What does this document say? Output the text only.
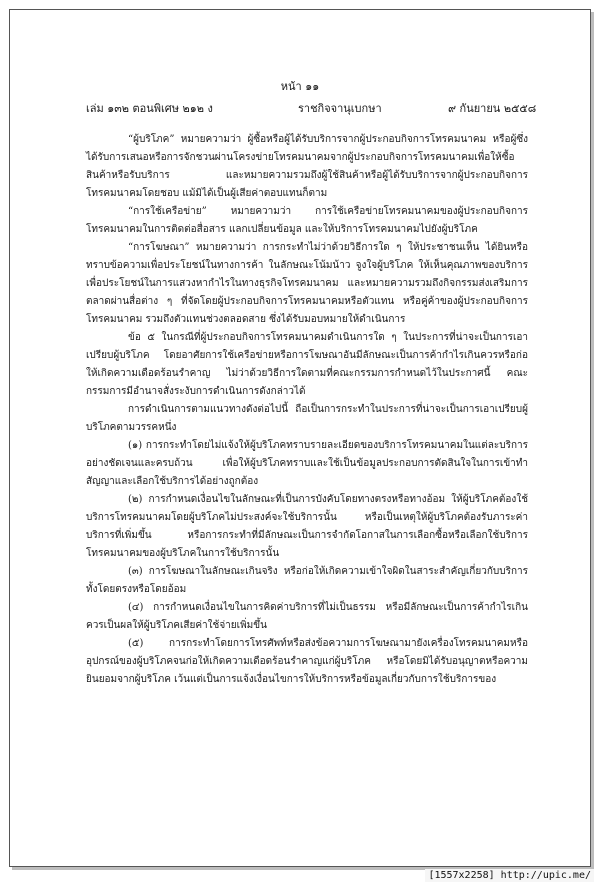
หน้า ๑๑
เล่ม ๑๓๒ ตอนพิเศษ ๒๑๒ ง	ราชกิจจานุเบกษา	๙ กันยายน ๒๕๕๘

“ผู้บริโภค” หมายความว่า ผู้ซื้อหรือผู้ได้รับบริการจากผู้ประกอบกิจการโทรคมนาคม หรือผู้ซึ่งได้รับการเสนอหรือการจักชวนผ่านโครงข่ายโทรคมนาคมจากผู้ประกอบกิจการโทรคมนาคมเพื่อให้ซื้อสินค้าหรือรับบริการ และหมายความรวมถึงผู้ใช้สินค้าหรือผู้ได้รับบริการจากผู้ประกอบกิจการโทรคมนาคมโดยชอบ แม้มิได้เป็นผู้เสียค่าตอบแทนก็ตาม

“การใช้เครือข่าย” หมายความว่า การใช้เครือข่ายโทรคมนาคมของผู้ประกอบกิจการโทรคมนาคมในการติดต่อสื่อสาร แลกเปลี่ยนข้อมูล และให้บริการโทรคมนาคมไปยังผู้บริโภค

“การโฆษณา” หมายความว่า การกระทำไม่ว่าด้วยวิธีการใด ๆ ให้ประชาชนเห็น ได้ยินหรือทราบข้อความเพื่อประโยชน์ในทางการค้า ในลักษณะโน้มน้าว จูงใจผู้บริโภค ให้เห็นคุณภาพของบริการเพื่อประโยชน์ในการแสวงหากำไรในทางธุรกิจโทรคมนาคม และหมายความรวมถึงกิจกรรมส่งเสริมการตลาดผ่านสื่อต่าง ๆ ที่จัดโดยผู้ประกอบกิจการโทรคมนาคมหรือตัวแทน หรือคู่ค้าของผู้ประกอบกิจการโทรคมนาคม รวมถึงตัวแทนช่วงตลอดสาย ซึ่งได้รับมอบหมายให้ดำเนินการ

ข้อ ๕ ในกรณีที่ผู้ประกอบกิจการโทรคมนาคมดำเนินการใด ๆ ในประการที่น่าจะเป็นการเอาเปรียบผู้บริโภค โดยอาศัยการใช้เครือข่ายหรือการโฆษณาอันมีลักษณะเป็นการค้ากำไรเกินควรหรือก่อให้เกิดความเดือดร้อนรำคาญ ไม่ว่าด้วยวิธีการใดตามที่คณะกรรมการกำหนดไว้ในประกาศนี้ คณะกรรมการมีอำนาจสั่งระงับการดำเนินการดังกล่าวได้

การดำเนินการตามแนวทางดังต่อไปนี้ ถือเป็นการกระทำในประการที่น่าจะเป็นการเอาเปรียบผู้บริโภคตามวรรคหนึ่ง

(๑) การกระทำโดยไม่แจ้งให้ผู้บริโภคทราบรายละเอียดของบริการโทรคมนาคมในแต่ละบริการอย่างชัดเจนและครบถ้วน เพื่อให้ผู้บริโภคทราบและใช้เป็นข้อมูลประกอบการตัดสินใจในการเข้าทำสัญญาและเลือกใช้บริการได้อย่างถูกต้อง

(๒) การกำหนดเงื่อนไขในลักษณะที่เป็นการบังคับโดยทางตรงหรือทางอ้อม ให้ผู้บริโภคต้องใช้บริการโทรคมนาคมโดยผู้บริโภคไม่ประสงค์จะใช้บริการนั้น หรือเป็นเหตุให้ผู้บริโภคต้องรับภาระค่าบริการที่เพิ่มขึ้น หรือการกระทำที่มีลักษณะเป็นการจำกัดโอกาสในการเลือกซื้อหรือเลือกใช้บริการโทรคมนาคมของผู้บริโภคในการใช้บริการนั้น

(๓) การโฆษณาในลักษณะเกินจริง หรือก่อให้เกิดความเข้าใจผิดในสาระสำคัญเกี่ยวกับบริการทั้งโดยตรงหรือโดยอ้อม

(๔) การกำหนดเงื่อนไขในการคิดค่าบริการที่ไม่เป็นธรรม หรือมีลักษณะเป็นการค้ากำไรเกินควรเป็นผลให้ผู้บริโภคเสียค่าใช้จ่ายเพิ่มขึ้น

(๕) การกระทำโดยการโทรศัพท์หรือส่งข้อความการโฆษณามายังเครื่องโทรคมนาคมหรืออุปกรณ์ของผู้บริโภคจนก่อให้เกิดความเดือดร้อนรำคาญแก่ผู้บริโภค หรือโดยมิได้รับอนุญาตหรือความยินยอมจากผู้บริโภค เว้นแต่เป็นการแจ้งเงื่อนไขการให้บริการหรือข้อมูลเกี่ยวกับการใช้บริการของ

[1557x2258] http://upic.me/
